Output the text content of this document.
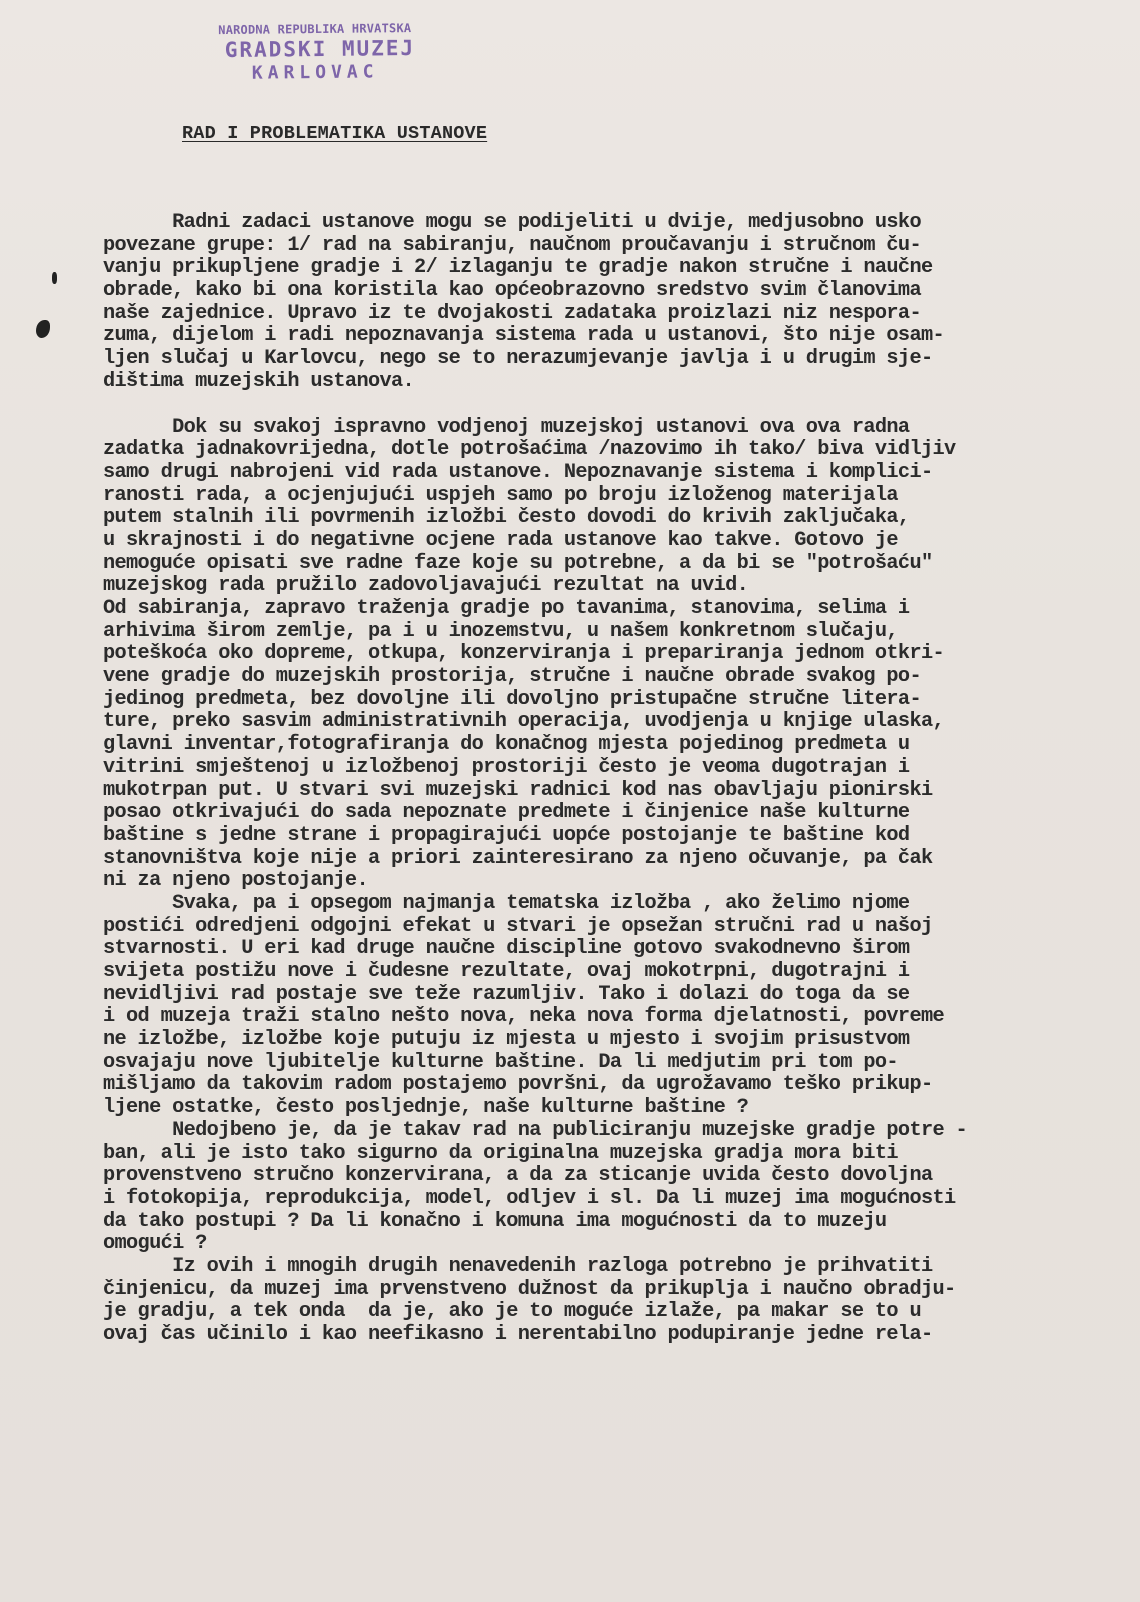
NARODNA REPUBLIKA HRVATSKA
GRADSKI MUZEJ
KARLOVAC
RAD I PROBLEMATIKA USTANOVE
Radni zadaci ustanove mogu se podijeliti u dvije, medjusobno usko
povezane grupe: 1/ rad na sabiranju, naučnom proučavanju i stručnom ču-
vanju prikupljene gradje i 2/ izlaganju te gradje nakon stručne i naučne
obrade, kako bi ona koristila kao općeobrazovno sredstvo svim članovima
naše zajednice. Upravo iz te dvojakosti zadataka proizlazi niz nespora-
zuma, dijelom i radi nepoznavanja sistema rada u ustanovi, što nije osam-
ljen slučaj u Karlovcu, nego se to nerazumjevanje javlja i u drugim sje-
dištima muzejskih ustanova.
Dok su svakoj ispravno vodjenoj muzejskoj ustanovi ova ova radna
zadatka jadnakovrijedna, dotle potrošaćima /nazovimo ih tako/ biva vidljiv
samo drugi nabrojeni vid rada ustanove. Nepoznavanje sistema i komplici-
ranosti rada, a ocjenjujući uspjeh samo po broju izloženog materijala
putem stalnih ili povrmenih izložbi često dovodi do krivih zaključaka,
u skrajnosti i do negativne ocjene rada ustanove kao takve. Gotovo je
nemoguće opisati sve radne faze koje su potrebne, a da bi se "potrošaću"
muzejskog rada pružilo zadovoljavajući rezultat na uvid.
Od sabiranja, zapravo traženja gradje po tavanima, stanovima, selima i
arhivima širom zemlje, pa i u inozemstvu, u našem konkretnom slučaju,
poteškoća oko dopreme, otkupa, konzerviranja i prepariranja jednom otkri-
vene gradje do muzejskih prostorija, stručne i naučne obrade svakog po-
jedinog predmeta, bez dovoljne ili dovoljno pristupačne stručne litera-
ture, preko sasvim administrativnih operacija, uvodjenja u knjige ulaska,
glavni inventar,fotografiranja do konačnog mjesta pojedinog predmeta u
vitrini smještenoj u izložbenoj prostoriji često je veoma dugotrajan i
mukotrpan put. U stvari svi muzejski radnici kod nas obavljaju pionirski
posao otkrivajući do sada nepoznate predmete i činjenice naše kulturne
baštine s jedne strane i propagirajući uopće postojanje te baštine kod
stanovništva koje nije a priori zainteresirano za njeno očuvanje, pa čak
ni za njeno postojanje.
Svaka, pa i opsegom najmanja tematska izložba , ako želimo njome
postići odredjeni odgojni efekat u stvari je opsežan stručni rad u našoj
stvarnosti. U eri kad druge naučne discipline gotovo svakodnevno širom
svijeta postižu nove i čudesne rezultate, ovaj mokotrpni, dugotrajni i
nevidljivi rad postaje sve teže razumljiv. Tako i dolazi do toga da se
i od muzeja traži stalno nešto nova, neka nova forma djelatnosti, povreme
ne izložbe, izložbe koje putuju iz mjesta u mjesto i svojim prisustvom
osvajaju nove ljubitelje kulturne baštine. Da li medjutim pri tom po-
mišljamo da takovim radom postajemo površni, da ugrožavamo teško prikup-
ljene ostatke, često posljednje, naše kulturne baštine ?
Nedojbeno je, da je takav rad na publiciranju muzejske gradje potre -
ban, ali je isto tako sigurno da originalna muzejska gradja mora biti
provenstveno stručno konzervirana, a da za sticanje uvida često dovoljna
i fotokopija, reprodukcija, model, odljev i sl. Da li muzej ima mogućnosti
da tako postupi ? Da li konačno i komuna ima mogućnosti da to muzeju
omogući ?
Iz ovih i mnogih drugih nenavedenih razloga potrebno je prihvatiti
činjenicu, da muzej ima prvenstveno dužnost da prikuplja i naučno obradju-
je gradju, a tek onda  da je, ako je to moguće izlaže, pa makar se to u
ovaj čas učinilo i kao neefikasno i nerentabilno podupiranje jedne rela-
